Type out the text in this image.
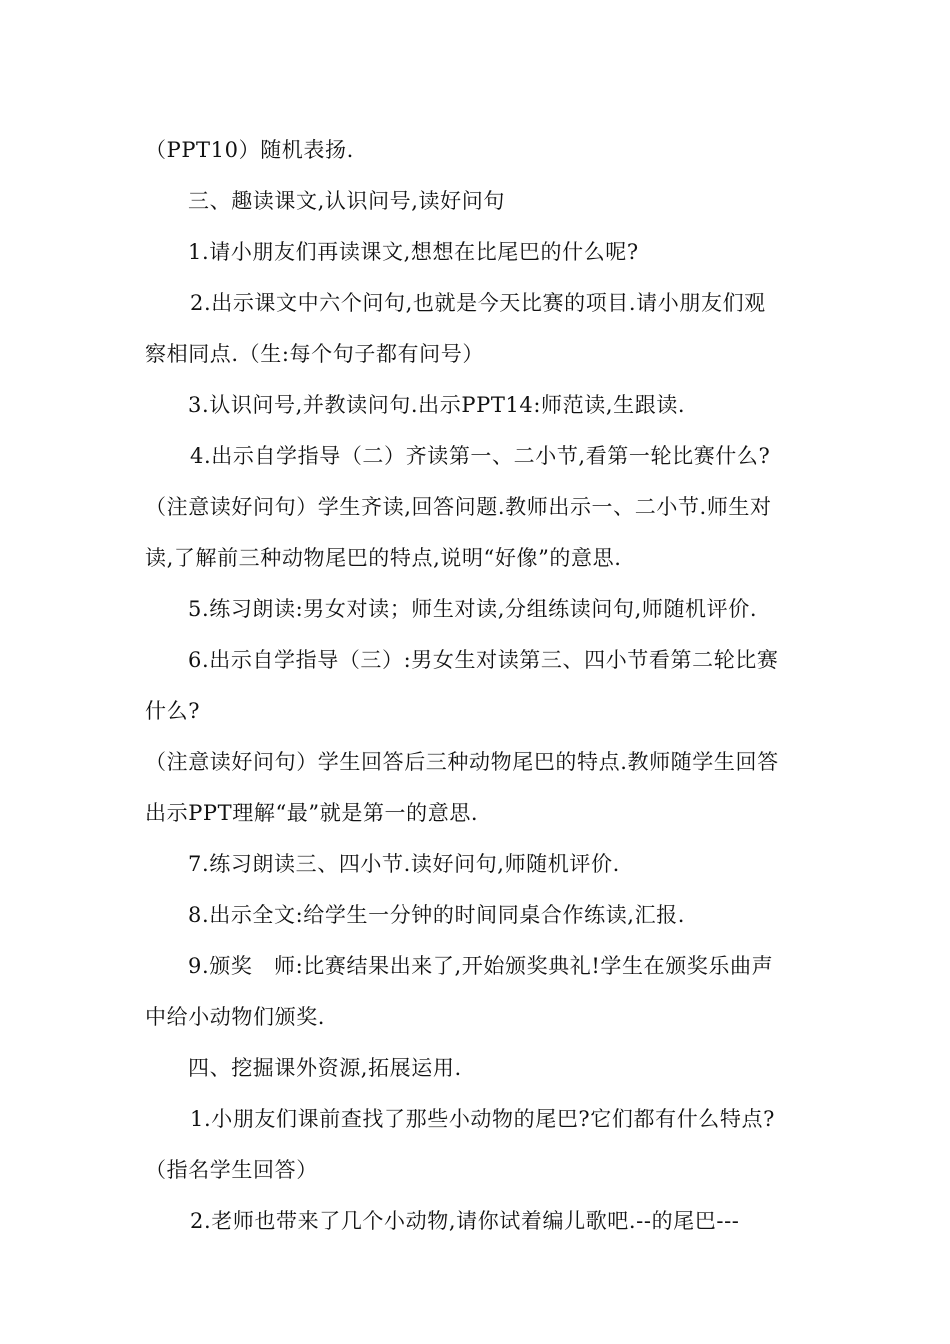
（PPT10）随机表扬.
三、趣读课文,认识问号,读好问句
1.请小朋友们再读课文,想想在比尾巴的什么呢?
2.出示课文中六个问句,也就是今天比赛的项目.请小朋友们观
察相同点.（生:每个句子都有问号）
3.认识问号,并教读问句.出示PPT14:师范读,生跟读.
4.出示自学指导（二）齐读第一、二小节,看第一轮比赛什么?
（注意读好问句）学生齐读,回答问题.教师出示一、二小节.师生对
读,了解前三种动物尾巴的特点,说明“好像”的意思.
5.练习朗读:男女对读；师生对读,分组练读问句,师随机评价.
6.出示自学指导（三）:男女生对读第三、四小节看第二轮比赛
什么?
（注意读好问句）学生回答后三种动物尾巴的特点.教师随学生回答
出示PPT理解“最”就是第一的意思.
7.练习朗读三、四小节.读好问句,师随机评价.
8.出示全文:给学生一分钟的时间同桌合作练读,汇报.
9.颁奖　师:比赛结果出来了,开始颁奖典礼!学生在颁奖乐曲声
中给小动物们颁奖.
四、挖掘课外资源,拓展运用.
1.小朋友们课前查找了那些小动物的尾巴?它们都有什么特点?
（指名学生回答）
2.老师也带来了几个小动物,请你试着编儿歌吧.--的尾巴---
